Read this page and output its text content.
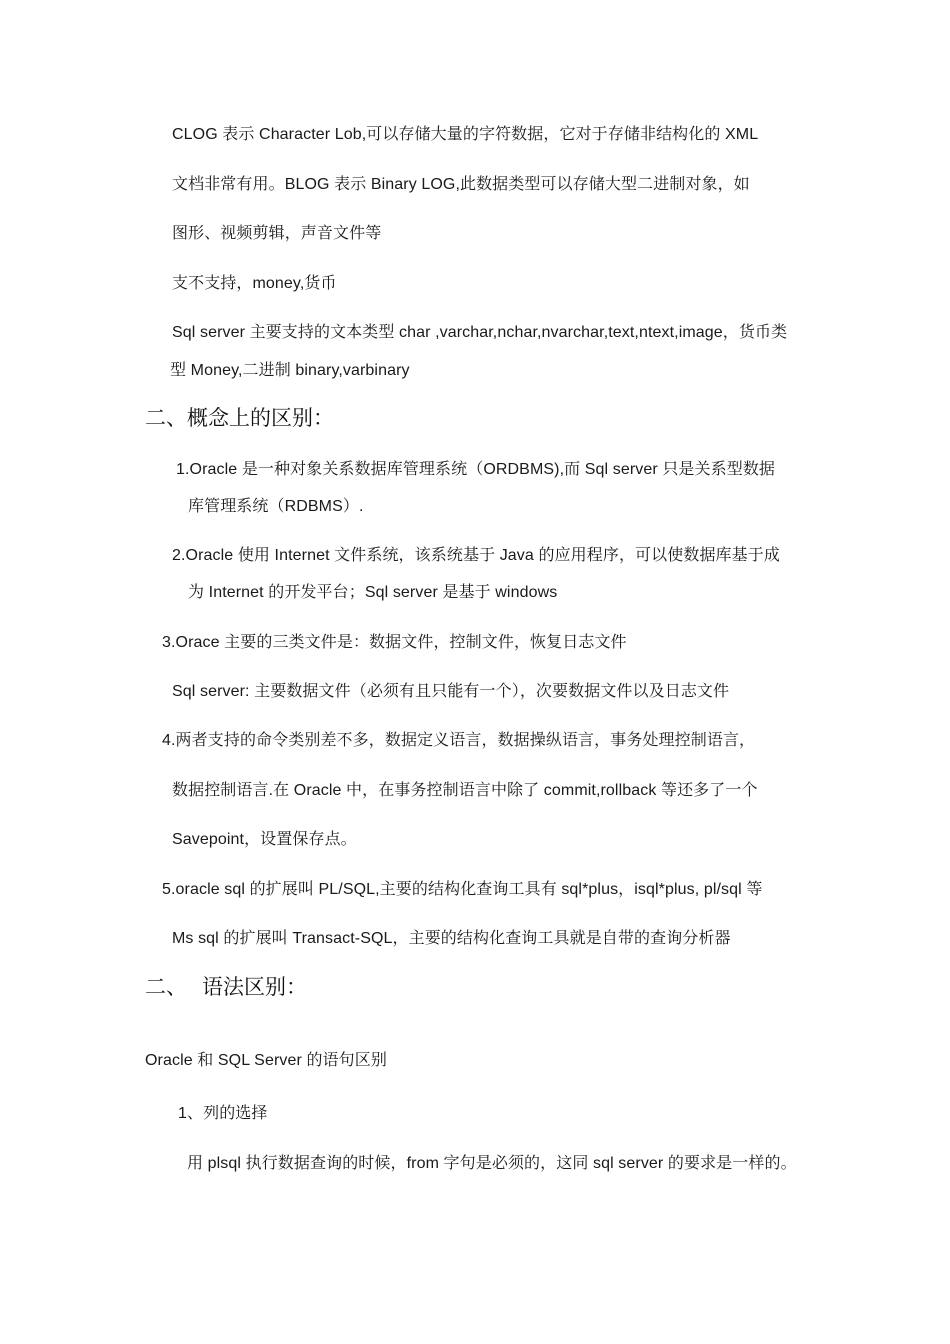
CLOG 表示 Character Lob,可以存储大量的字符数据，它对于存储非结构化的 XML
文档非常有用。BLOG 表示 Binary LOG,此数据类型可以存储大型二进制对象，如
图形、视频剪辑，声音文件等
支不支持，money,货币
Sql server 主要支持的文本类型 char ,varchar,nchar,nvarchar,text,ntext,image，货币类
型 Money,二进制 binary,varbinary
二、概念上的区别：
1.Oracle 是一种对象关系数据库管理系统（ORDBMS),而 Sql server 只是关系型数据
库管理系统（RDBMS）.
2.Oracle 使用 Internet 文件系统，该系统基于 Java 的应用程序，可以使数据库基于成
为 Internet 的开发平台；Sql server 是基于 windows
3.Orace 主要的三类文件是：数据文件，控制文件，恢复日志文件
Sql server: 主要数据文件（必须有且只能有一个），次要数据文件以及日志文件
4.两者支持的命令类别差不多，数据定义语言，数据操纵语言，事务处理控制语言，
数据控制语言.在 Oracle 中，在事务控制语言中除了 commit,rollback 等还多了一个
Savepoint，设置保存点。
5.oracle sql 的扩展叫 PL/SQL,主要的结构化查询工具有 sql*plus，isql*plus, pl/sql 等
Ms sql 的扩展叫 Transact-SQL，主要的结构化查询工具就是自带的查询分析器
二、 语法区别：
Oracle 和 SQL Server 的语句区别
1、列的选择
用 plsql 执行数据查询的时候，from 字句是必须的，这同 sql server 的要求是一样的。
